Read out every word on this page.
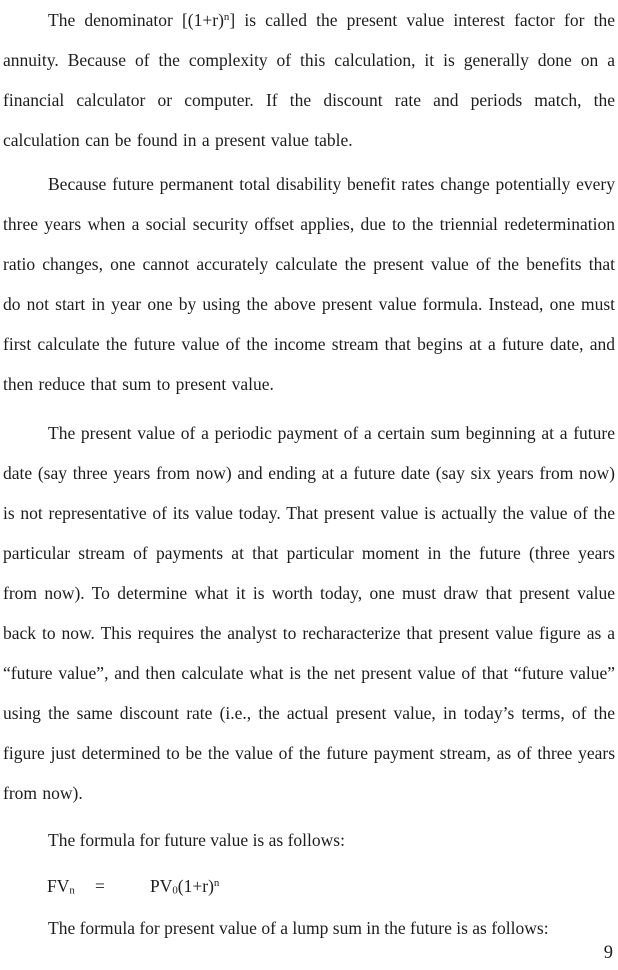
The denominator $[(1+r)^n]$ is called the present value interest factor for the annuity. Because of the complexity of this calculation, it is generally done on a financial calculator or computer. If the discount rate and periods match, the calculation can be found in a present value table.

Because future permanent total disability benefit rates change potentially every three years when a social security offset applies, due to the triennial redetermination ratio changes, one cannot accurately calculate the present value of the benefits that do not start in year one by using the above present value formula. Instead, one must first calculate the future value of the income stream that begins at a future date, and then reduce that sum to present value.

The present value of a periodic payment of a certain sum beginning at a future date (say three years from now) and ending at a future date (say six years from now) is not representative of its value today. That present value is actually the value of the particular stream of payments at that particular moment in the future (three years from now). To determine what it is worth today, one must draw that present value back to now. This requires the analyst to recharacterize that present value figure as a “future value”, and then calculate what is the net present value of that “future value” using the same discount rate (i.e., the actual present value, in today’s terms, of the figure just determined to be the value of the future payment stream, as of three years from now).

The formula for future value is as follows:

$FV_n$ =	$PV_0(1+r)^n$

The formula for present value of a lump sum in the future is as follows:

9
